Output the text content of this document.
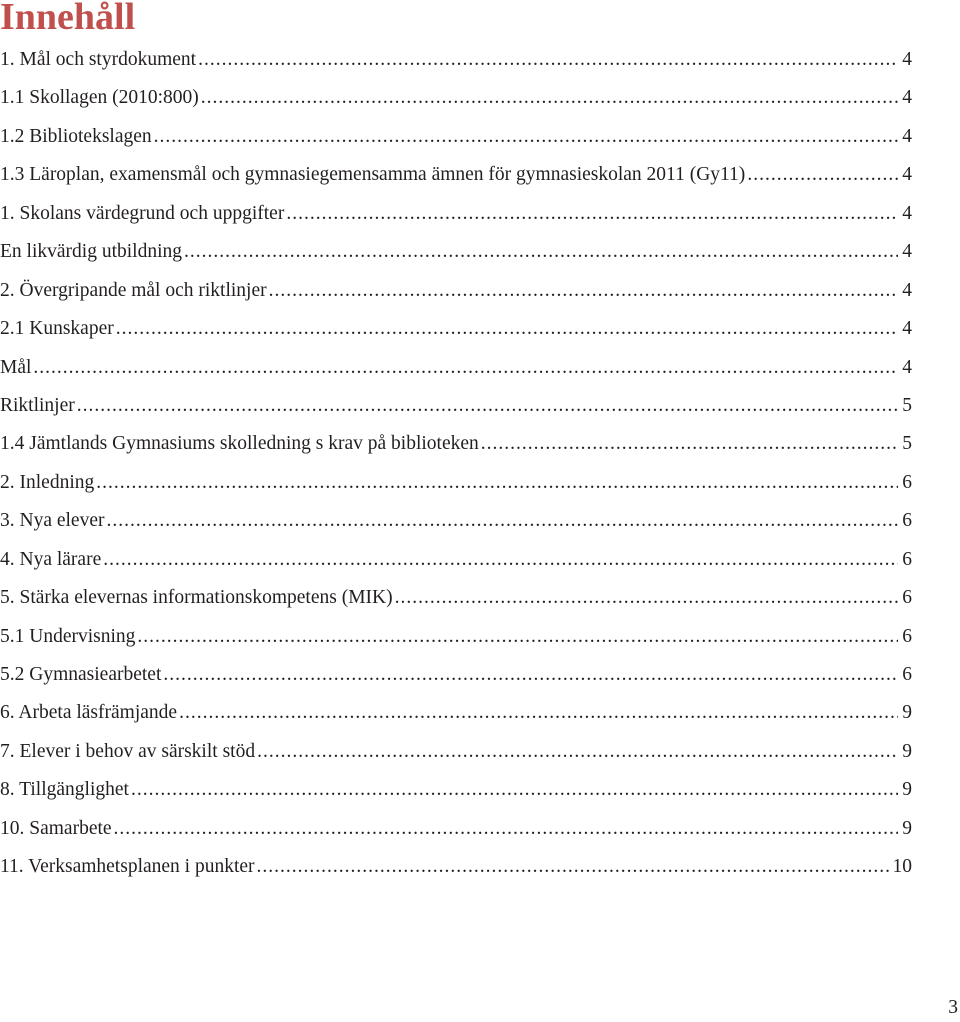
Innehåll
1. Mål och styrdokument .....	4
1.1 Skollagen (2010:800) .....	4
1.2 Bibliotekslagen .....	4
1.3 Läroplan, examensmål och gymnasiegemensamma ämnen för gymnasieskolan 2011 (Gy11) .....	4
1. Skolans värdegrund och uppgifter .....	4
En likvärdig utbildning .....	4
2. Övergripande mål och riktlinjer .....	4
2.1 Kunskaper .....	4
Mål .....	4
Riktlinjer .....	5
1.4 Jämtlands Gymnasiums skolledning s krav på biblioteken .....	5
2. Inledning .....	6
3. Nya elever .....	6
4. Nya lärare .....	6
5. Stärka elevernas informationskompetens (MIK) .....	6
5.1 Undervisning .....	6
5.2 Gymnasiearbetet .....	6
6. Arbeta läsfrämjande .....	9
7. Elever i behov av särskilt stöd .....	9
8. Tillgänglighet .....	9
10. Samarbete .....	9
11. Verksamhetsplanen i punkter .....	10
3
